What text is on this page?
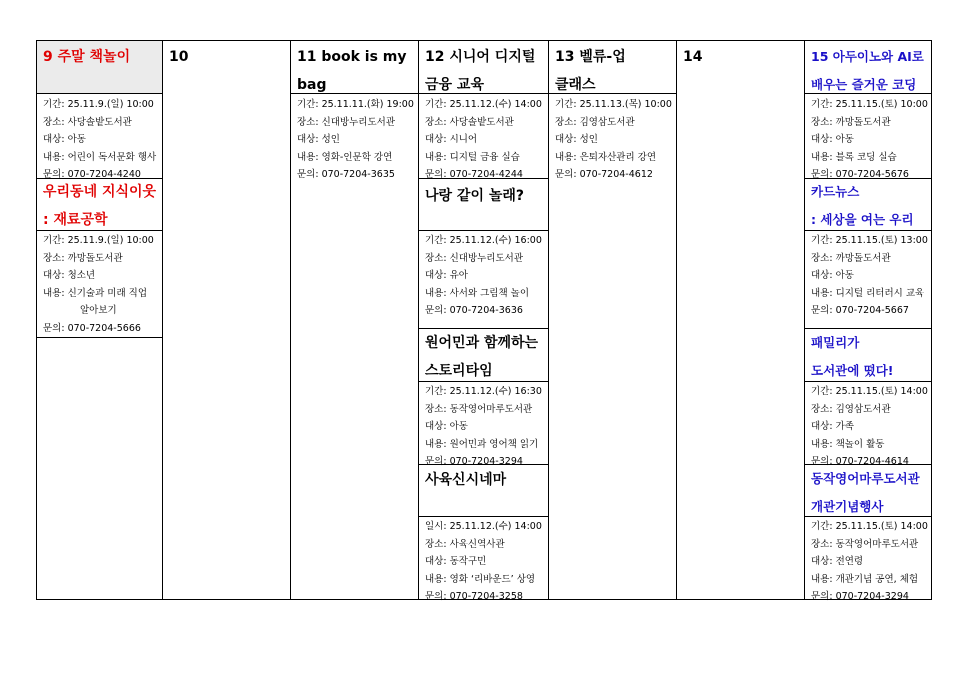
9 주말 책놀이
기간: 25.11.9.(일) 10:00
장소: 사당솔밭도서관
대상: 아동
내용: 어린이 독서문화 행사
문의: 070-7204-4240
우리동네 지식이웃
: 재료공학
기간: 25.11.9.(일) 10:00
장소: 까망돌도서관
대상: 청소년
내용: 신기술과 미래 직업
알아보기
문의: 070-7204-5666
10	11 book is my
bag
기간: 25.11.11.(화) 19:00
장소: 신대방누리도서관
대상: 성인
내용: 영화-인문학 강연
문의: 070-7204-3635
12 시니어 디지털
금융 교육
기간: 25.11.12.(수) 14:00
장소: 사당솔밭도서관
대상: 시니어
내용: 디지털 금융 실습
문의: 070-7204-4244
나랑 같이 놀래?
기간: 25.11.12.(수) 16:00
장소: 신대방누리도서관
대상: 유아
내용: 사서와 그림책 놀이
문의: 070-7204-3636
원어민과 함께하는
스토리타임
기간: 25.11.12.(수) 16:30
장소: 동작영어마루도서관
대상: 아동
내용: 원어민과 영어책 읽기
문의: 070-7204-3294
사육신시네마
일시: 25.11.12.(수) 14:00
장소: 사육신역사관
대상: 동작구민
내용: 영화 ‘리바운드’ 상영
문의: 070-7204-3258
13 벨류-업
클래스
기간: 25.11.13.(목) 10:00
장소: 김영삼도서관
대상: 성인
내용: 은퇴자산관리 강연
문의: 070-7204-4612
14	15 아두이노와 AI로
배우는 즐거운 코딩
기간: 25.11.15.(토) 10:00
장소: 까망돌도서관
대상: 아동
내용: 블록 코딩 실습
문의: 070-7204-5676
카드뉴스
: 세상을 여는 우리
기간: 25.11.15.(토) 13:00
장소: 까망돌도서관
대상: 아동
내용: 디지털 리터러시 교육
문의: 070-7204-5667
패밀리가
도서관에 떴다!
기간: 25.11.15.(토) 14:00
장소: 김영삼도서관
대상: 가족
내용: 책놀이 활동
문의: 070-7204-4614
동작영어마루도서관
개관기념행사
기간: 25.11.15.(토) 14:00
장소: 동작영어마루도서관
대상: 전연령
내용: 개관기념 공연, 체험
문의: 070-7204-3294
